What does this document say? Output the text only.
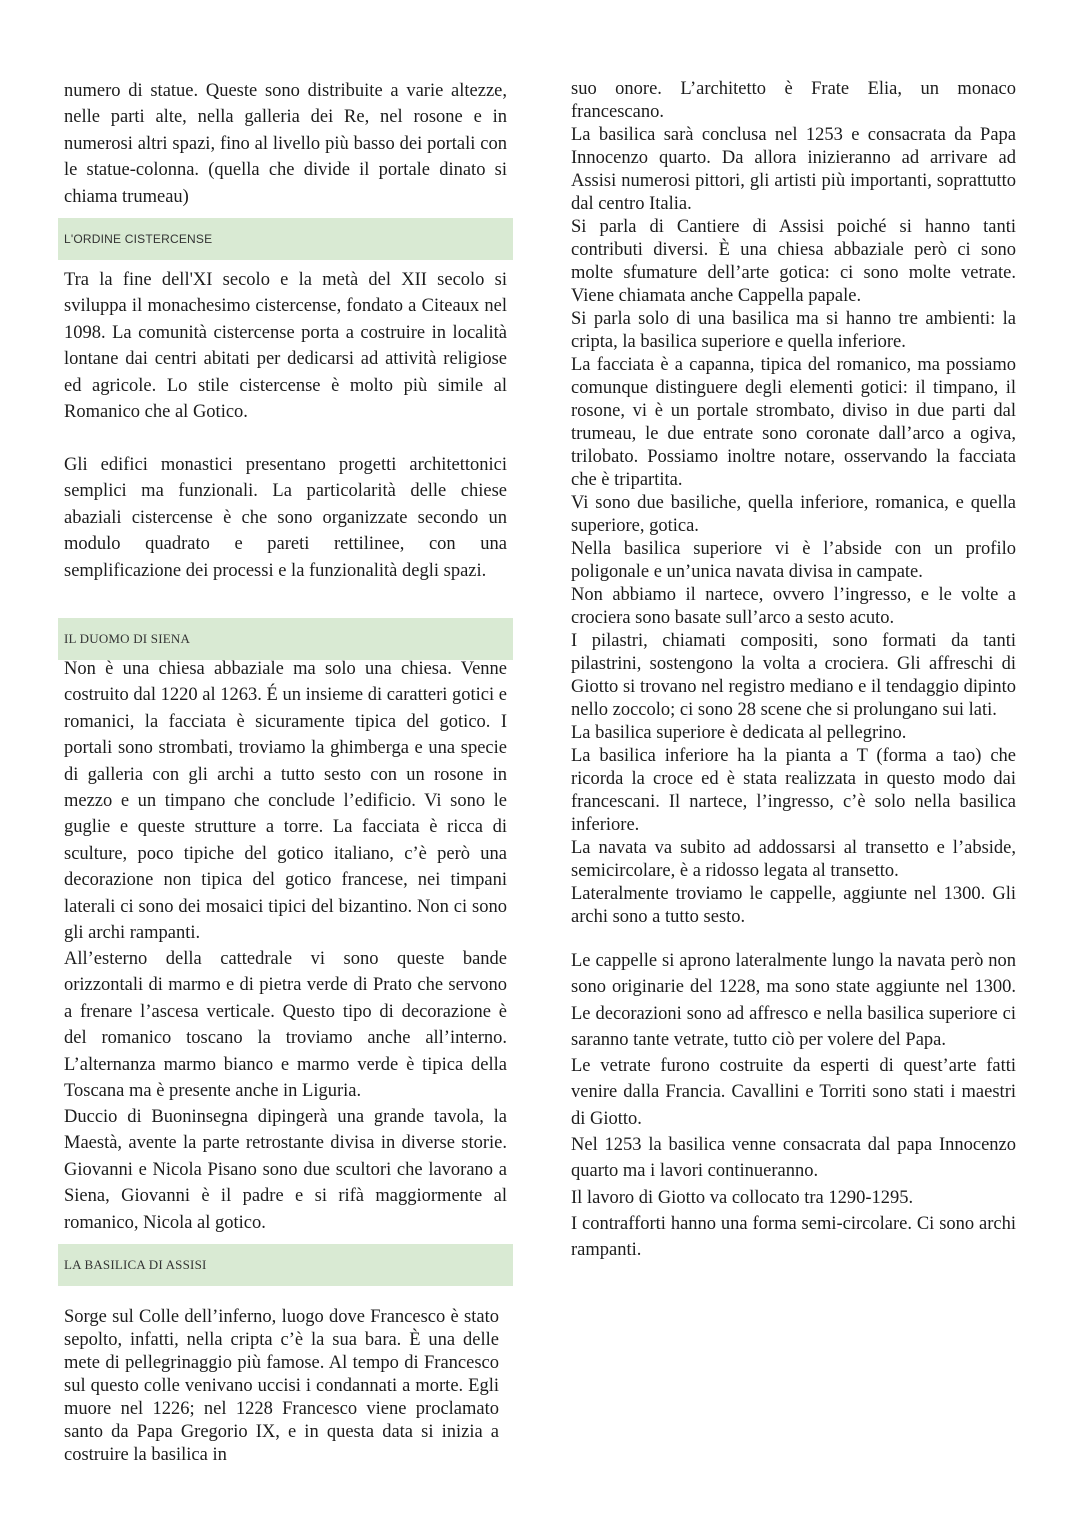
numero di statue. Queste sono distribuite a varie altezze, nelle parti alte, nella galleria dei Re, nel rosone e in numerosi altri spazi, fino al livello più basso dei portali con le statue-colonna. (quella che divide il portale dinato si chiama trumeau)

L'ORDINE CISTERCENSE

Tra la fine dell'XI secolo e la metà del XII secolo si sviluppa il monachesimo cistercense, fondato a Citeaux nel 1098. La comunità cistercense porta a costruire in località lontane dai centri abitati per dedicarsi ad attività religiose ed agricole. Lo stile cistercense è molto più simile al Romanico che al Gotico.

Gli edifici monastici presentano progetti architettonici semplici ma funzionali. La particolarità delle chiese abaziali cistercense è che sono organizzate secondo un modulo quadrato e pareti rettilinee, con una semplificazione dei processi e la funzionalità degli spazi.

IL DUOMO DI SIENA

Non è una chiesa abbaziale ma solo una chiesa. Venne costruito dal 1220 al 1263. É un insieme di caratteri gotici e romanici, la facciata è sicuramente tipica del gotico. I portali sono strombati, troviamo la ghimberga e una specie di galleria con gli archi a tutto sesto con un rosone in mezzo e un timpano che conclude l’edificio. Vi sono le guglie e queste strutture a torre. La facciata è ricca di sculture, poco tipiche del gotico italiano, c’è però una decorazione non tipica del gotico francese, nei timpani laterali ci sono dei mosaici tipici del bizantino. Non ci sono gli archi rampanti.

All’esterno della cattedrale vi sono queste bande orizzontali di marmo e di pietra verde di Prato che servono a frenare l’ascesa verticale. Questo tipo di decorazione è del romanico toscano la troviamo anche all’interno. L’alternanza marmo bianco e marmo verde è tipica della Toscana ma è presente anche in Liguria.

Duccio di Buoninsegna dipingerà una grande tavola, la Maestà, avente la parte retrostante divisa in diverse storie. Giovanni e Nicola Pisano sono due scultori che lavorano a Siena, Giovanni è il padre e si rifà maggiormente al romanico, Nicola al gotico.

LA BASILICA DI ASSISI

Sorge sul Colle dell’inferno, luogo dove Francesco è stato sepolto, infatti, nella cripta c’è la sua bara. È una delle mete di pellegrinaggio più famose. Al tempo di Francesco sul questo colle venivano uccisi i condannati a morte. Egli muore nel 1226; nel 1228 Francesco viene proclamato santo da Papa Gregorio IX, e in questa data si inizia a costruire la basilica in

suo onore. L’architetto è Frate Elia, un monaco francescano.
La basilica sarà conclusa nel 1253 e consacrata da Papa Innocenzo quarto. Da allora inizieranno ad arrivare ad Assisi numerosi pittori, gli artisti più importanti, soprattutto dal centro Italia.
Si parla di Cantiere di Assisi poiché si hanno tanti contributi diversi. È una chiesa abbaziale però ci sono molte sfumature dell’arte gotica: ci sono molte vetrate. Viene chiamata anche Cappella papale.
Si parla solo di una basilica ma si hanno tre ambienti: la cripta, la basilica superiore e quella inferiore.
La facciata è a capanna, tipica del romanico, ma possiamo comunque distinguere degli elementi gotici: il timpano, il rosone, vi è un portale strombato, diviso in due parti dal trumeau, le due entrate sono coronate dall’arco a ogiva, trilobato. Possiamo inoltre notare, osservando la facciata che è tripartita.
Vi sono due basiliche, quella inferiore, romanica, e quella superiore, gotica.
Nella basilica superiore vi è l’abside con un profilo poligonale e un’unica navata divisa in campate.
Non abbiamo il nartece, ovvero l’ingresso, e le volte a crociera sono basate sull’arco a sesto acuto.
I pilastri, chiamati compositi, sono formati da tanti pilastrini, sostengono la volta a crociera. Gli affreschi di Giotto si trovano nel registro mediano e il tendaggio dipinto nello zoccolo; ci sono 28 scene che si prolungano sui lati.
La basilica superiore è dedicata al pellegrino.
La basilica inferiore ha la pianta a T (forma a tao) che ricorda la croce ed è stata realizzata in questo modo dai francescani. Il nartece, l’ingresso, c’è solo nella basilica inferiore.
La navata va subito ad addossarsi al transetto e l’abside, semicircolare, è a ridosso legata al transetto.
Lateralmente troviamo le cappelle, aggiunte nel 1300. Gli archi sono a tutto sesto.

Le cappelle si aprono lateralmente lungo la navata però non sono originarie del 1228, ma sono state aggiunte nel 1300. Le decorazioni sono ad affresco e nella basilica superiore ci saranno tante vetrate, tutto ciò per volere del Papa.
Le vetrate furono costruite da esperti di quest’arte fatti venire dalla Francia. Cavallini e Torriti sono stati i maestri di Giotto.
Nel 1253 la basilica venne consacrata dal papa Innocenzo quarto ma i lavori continueranno.
Il lavoro di Giotto va collocato tra 1290-1295.
I contrafforti hanno una forma semi-circolare. Ci sono archi rampanti.
